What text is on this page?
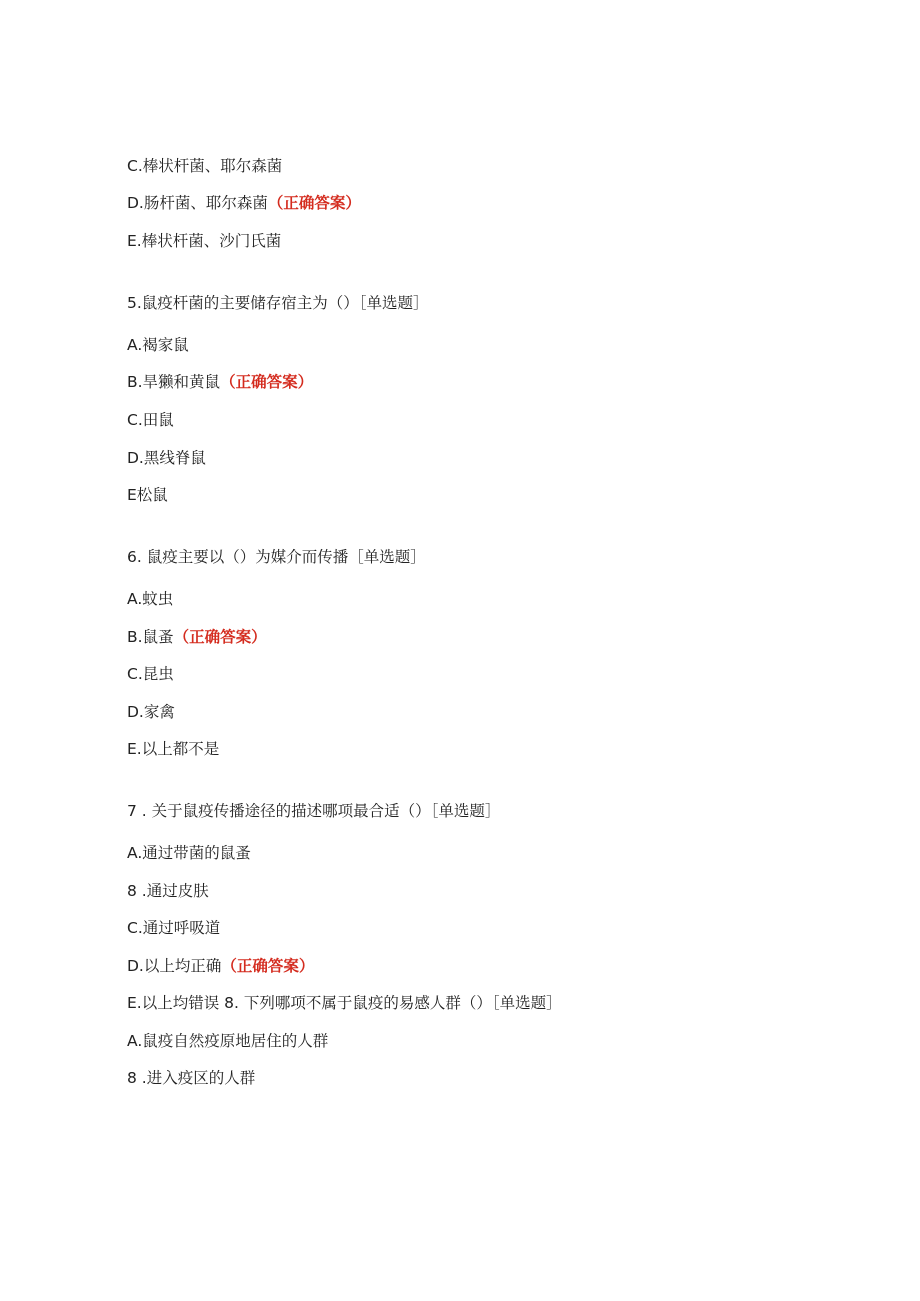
C.棒状杆菌、耶尔森菌
D.肠杆菌、耶尔森菌（正确答案）
E.棒状杆菌、沙门氏菌
5.鼠疫杆菌的主要储存宿主为（）［单选题］
A.褐家鼠
B.旱獭和黄鼠（正确答案）
C.田鼠
D.黑线脊鼠
E松鼠
6. 鼠疫主要以（）为媒介而传播［单选题］
A.蚊虫
B.鼠蚤（正确答案）
C.昆虫
D.家禽
E.以上都不是
7 . 关于鼠疫传播途径的描述哪项最合适（）［单选题］
A.通过带菌的鼠蚤
8 .通过皮肤
C.通过呼吸道
D.以上均正确（正确答案）
E.以上均错误 8. 下列哪项不属于鼠疫的易感人群（）［单选题］
A.鼠疫自然疫原地居住的人群
8 .进入疫区的人群
